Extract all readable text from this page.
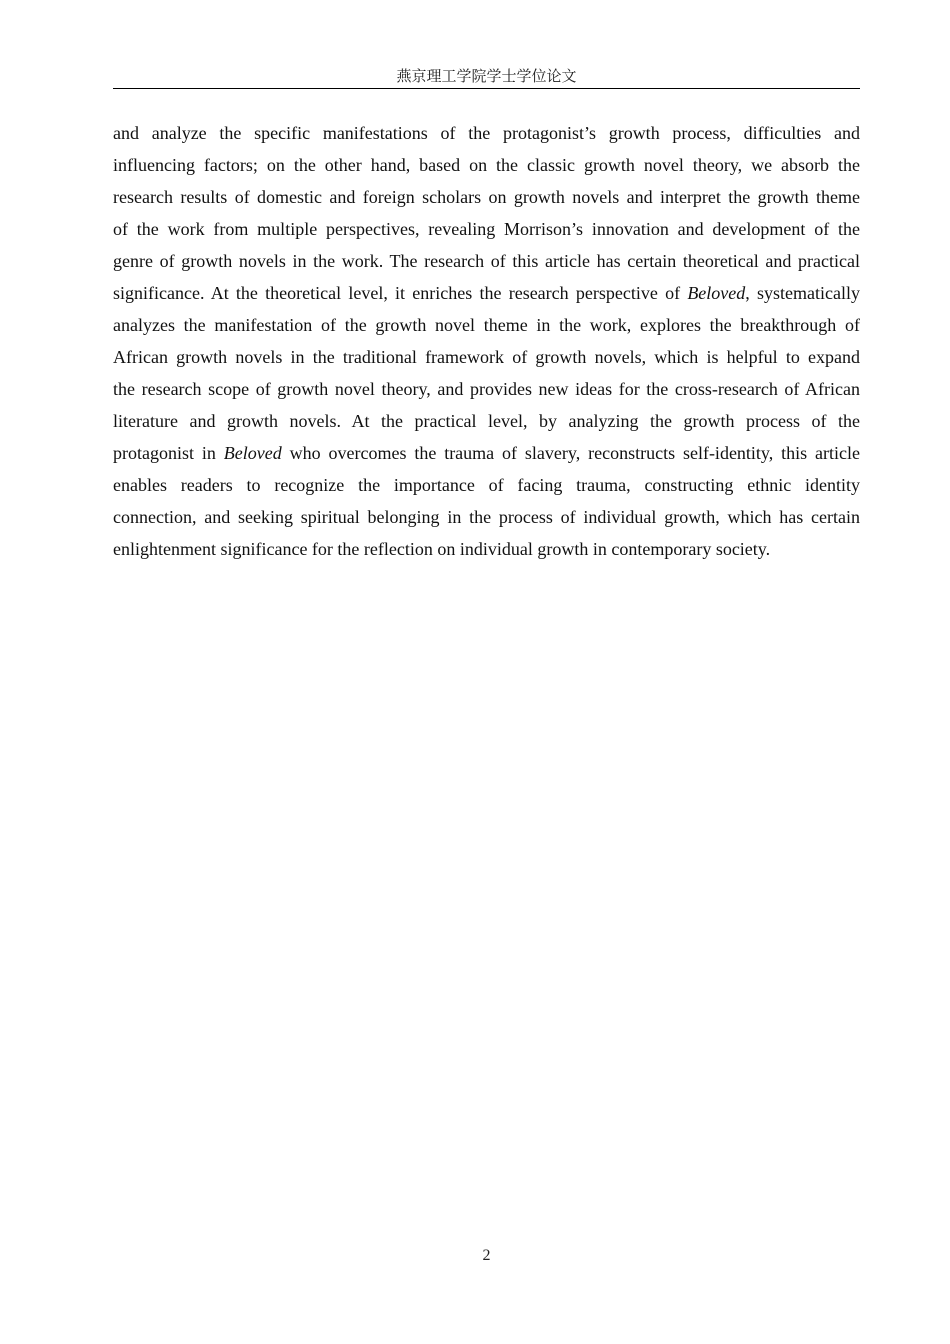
燕京理工学院学士学位论文
and analyze the specific manifestations of the protagonist’s growth process, difficulties and
influencing factors; on the other hand, based on the classic growth novel theory, we absorb the
research results of domestic and foreign scholars on growth novels and interpret the growth theme
of the work from multiple perspectives, revealing Morrison’s innovation and development of the
genre of growth novels in the work. The research of this article has certain theoretical and practical
significance. At the theoretical level, it enriches the research perspective of Beloved, systematically
analyzes the manifestation of the growth novel theme in the work, explores the breakthrough of
African growth novels in the traditional framework of growth novels, which is helpful to expand
the research scope of growth novel theory, and provides new ideas for the cross-research of African
literature and growth novels. At the practical level, by analyzing the growth process of the
protagonist in Beloved who overcomes the trauma of slavery, reconstructs self-identity, this article
enables readers to recognize the importance of facing trauma, constructing ethnic identity
connection, and seeking spiritual belonging in the process of individual growth, which has certain
enlightenment significance for the reflection on individual growth in contemporary society.
2
